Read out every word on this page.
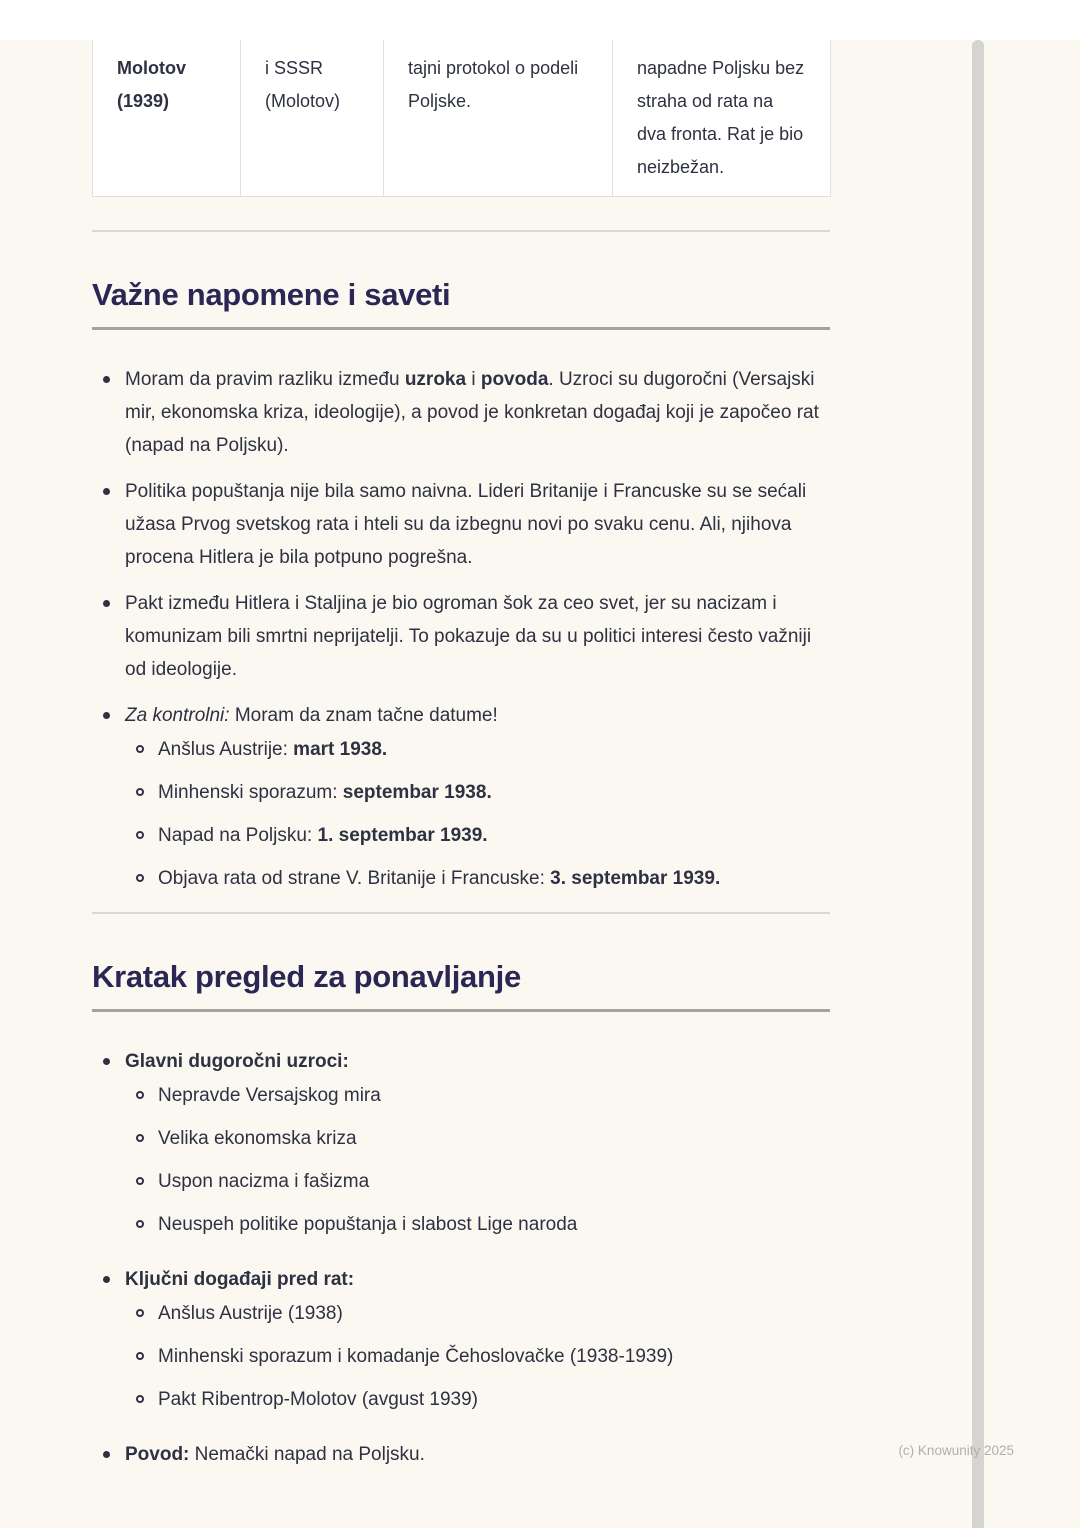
Molotov (1939)	i SSSR (Molotov)	tajni protokol o podeli Poljske.	napadne Poljsku bez straha od rata na dva fronta. Rat je bio neizbežan.
Važne napomene i saveti
Moram da pravim razliku između uzroka i povoda. Uzroci su dugoročni (Versajski mir, ekonomska kriza, ideologije), a povod je konkretan događaj koji je započeo rat (napad na Poljsku).
Politika popuštanja nije bila samo naivna. Lideri Britanije i Francuske su se sećali užasa Prvog svetskog rata i hteli su da izbegnu novi po svaku cenu. Ali, njihova procena Hitlera je bila potpuno pogrešna.
Pakt između Hitlera i Staljina je bio ogroman šok za ceo svet, jer su nacizam i komunizam bili smrtni neprijatelji. To pokazuje da su u politici interesi često važniji od ideologije.
Za kontrolni: Moram da znam tačne datume!
Anšlus Austrije: mart 1938.
Minhenski sporazum: septembar 1938.
Napad na Poljsku: 1. septembar 1939.
Objava rata od strane V. Britanije i Francuske: 3. septembar 1939.
Kratak pregled za ponavljanje
Glavni dugoročni uzroci:
Nepravde Versajskog mira
Velika ekonomska kriza
Uspon nacizma i fašizma
Neuspeh politike popuštanja i slabost Lige naroda
Ključni događaji pred rat:
Anšlus Austrije (1938)
Minhenski sporazum i komadanje Čehoslovačke (1938-1939)
Pakt Ribentrop-Molotov (avgust 1939)
Povod: Nemački napad na Poljsku.	(c) Knowunity 2025
